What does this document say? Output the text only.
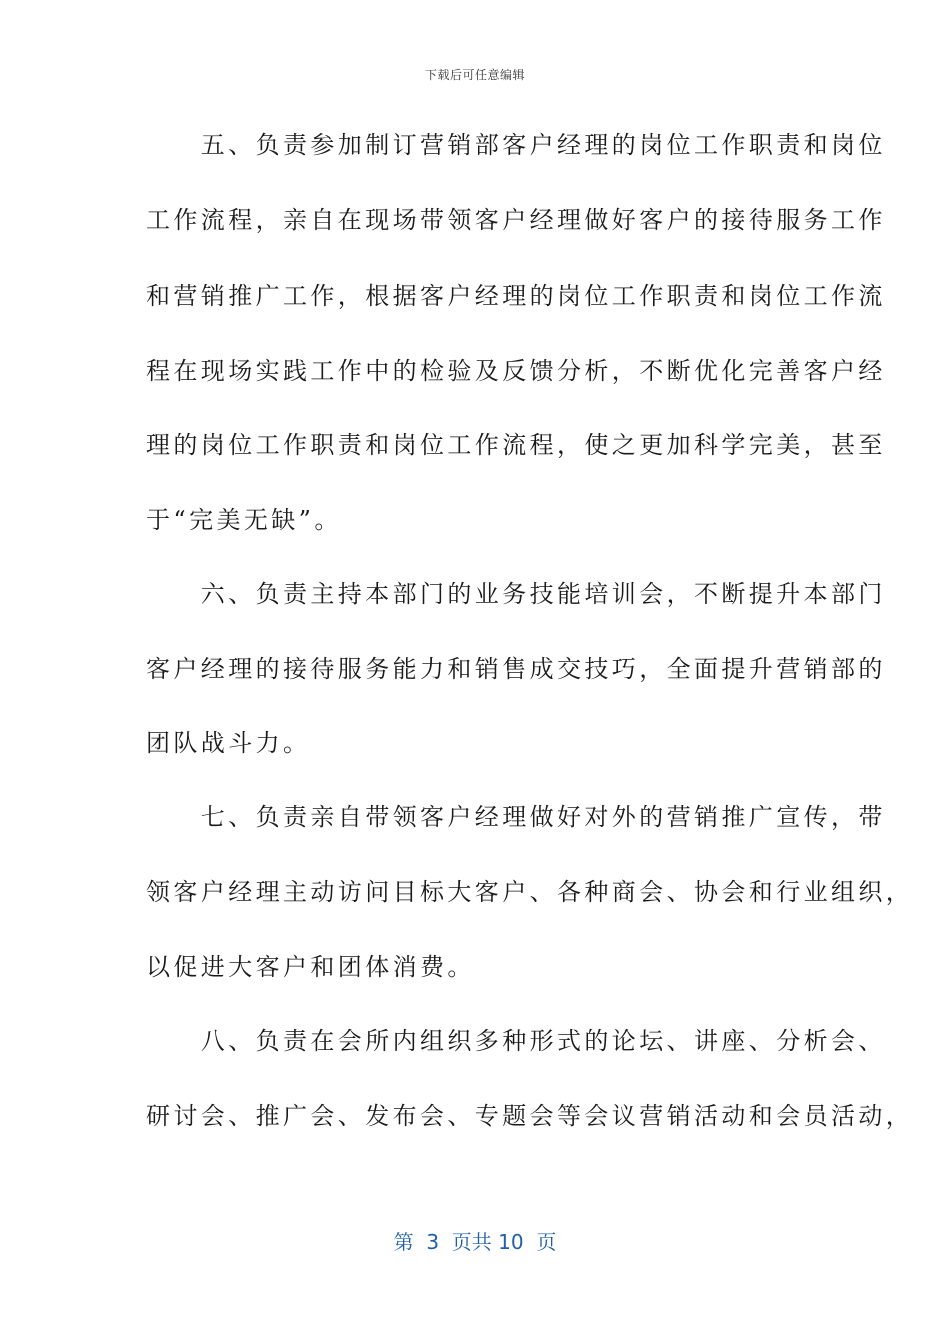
下载后可任意编辑
　　五、负责参加制订营销部客户经理的岗位工作职责和岗位
工作流程，亲自在现场带领客户经理做好客户的接待服务工作
和营销推广工作，根据客户经理的岗位工作职责和岗位工作流
程在现场实践工作中的检验及反馈分析，不断优化完善客户经
理的岗位工作职责和岗位工作流程，使之更加科学完美，甚至
于“完美无缺”。
　　六、负责主持本部门的业务技能培训会，不断提升本部门
客户经理的接待服务能力和销售成交技巧，全面提升营销部的
团队战斗力。
　　七、负责亲自带领客户经理做好对外的营销推广宣传，带
领客户经理主动访问目标大客户、各种商会、协会和行业组织，
以促进大客户和团体消费。
　　八、负责在会所内组织多种形式的论坛、讲座、分析会、
研讨会、推广会、发布会、专题会等会议营销活动和会员活动，
第  3  页共 10  页
